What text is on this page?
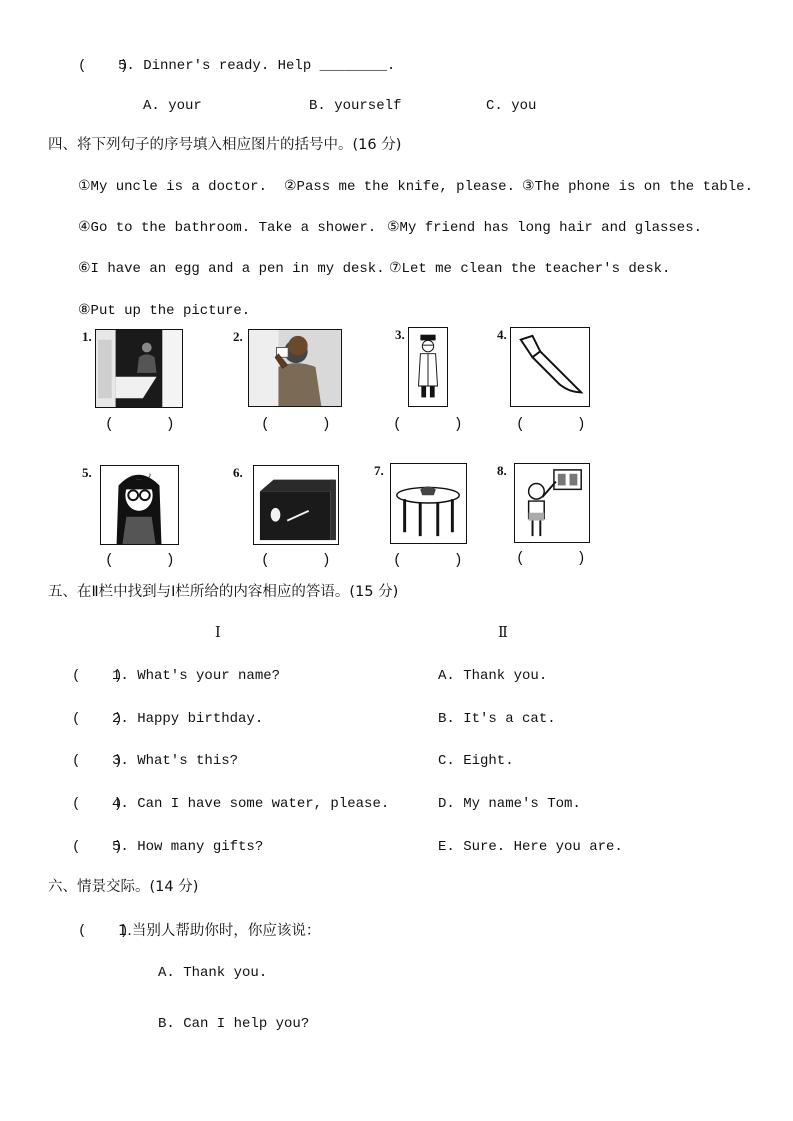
(    )
5. Dinner's ready. Help ________.
A. your	B. yourself	C. you
四、将下列句子的序号填入相应图片的括号中。(16 分)
①My uncle is a doctor. ②Pass me the knife, please. ③The phone is on the table.
④Go to the bathroom. Take a shower. ⑤My friend has long hair and glasses.
⑥I have an egg and a pen in my desk. ⑦Let me clean the teacher's desk.
⑧Put up the picture.
1.
(      )
2.
(      )
3.
(      )
4.
(      )
5.	♪
(      )
6.
(      )
7.
(      )
8.
(      )
五、在Ⅱ栏中找到与Ⅰ栏所给的内容相应的答语。(15 分)
Ⅰ	Ⅱ
(    )
1. What's your name?	A. Thank you.
(    )
2. Happy birthday.	B. It's a cat.
(    )
3. What's this?	C. Eight.
(    )
4. Can I have some water, please.	D. My name's Tom.
(    )
5. How many gifts?	E. Sure. Here you are.
六、情景交际。(14 分)
(    )
1.当别人帮助你时，你应该说：
A. Thank you.
B. Can I help you?
